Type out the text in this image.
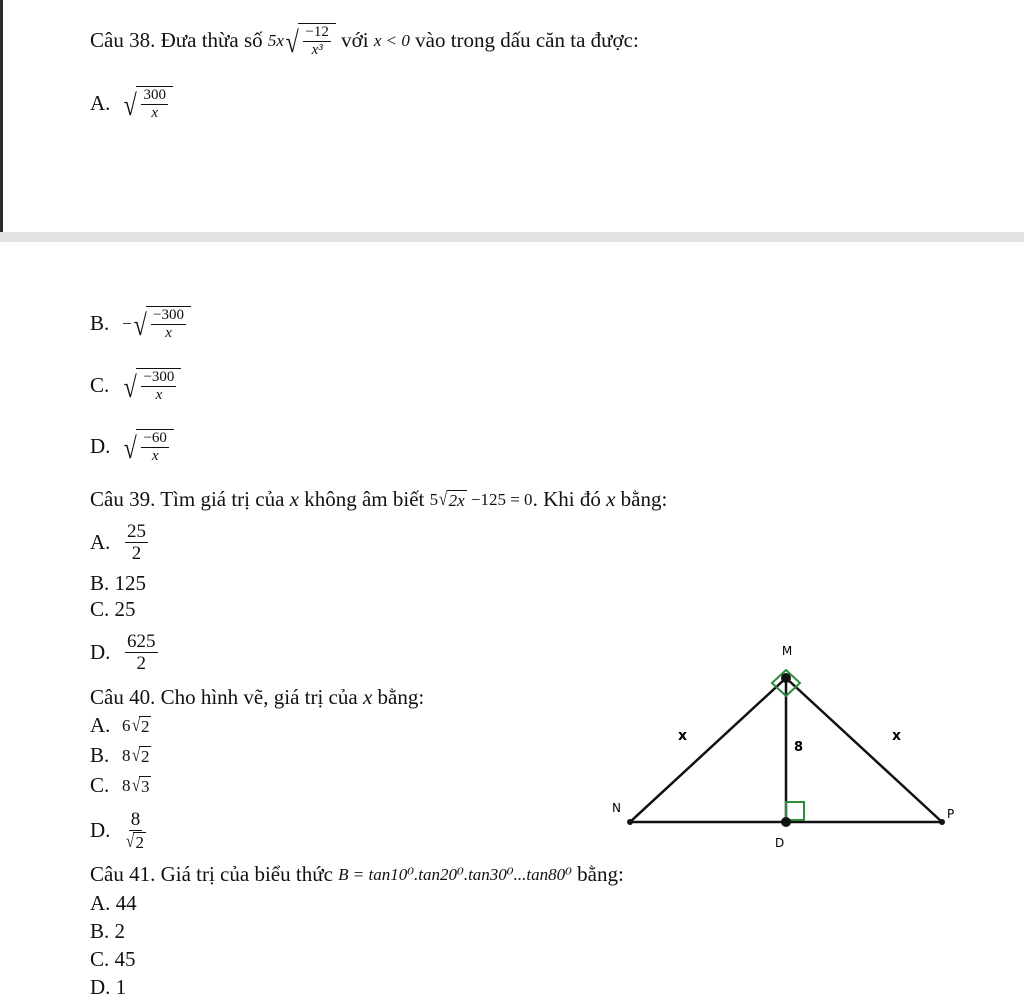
Câu 38. Đưa thừa số
5x √ $\frac{-12}{\text{x³}}$
với
x < 0
vào trong dấu căn ta được:
A. √ $\frac{300}{x}$
B. − √ $\frac{-300}{x}$
C. √ $\frac{-300}{x}$
D. √ $\frac{-60}{x}$
Câu 39. Tìm giá trị của
x
không âm biết
5 √ 2x
−125 = 0 . Khi đó
x
bằng:
A. $\frac{25}{2}$
B.
125
C.
25
D. $\frac{625}{2}$
Câu 40. Cho hình vẽ, giá trị của
x
bằng:
A. 6 √ 2
B. 8 √ 2
C. 8 √ 3
D. $\frac{8}{√ 2}$
M
N	P
D
x	x
8
Câu 41. Giá trị của biểu thức
B = tan10⁰.tan20⁰.tan30⁰...tan80⁰
bằng:
A.
44
B.
2
C.
45
D.
1
